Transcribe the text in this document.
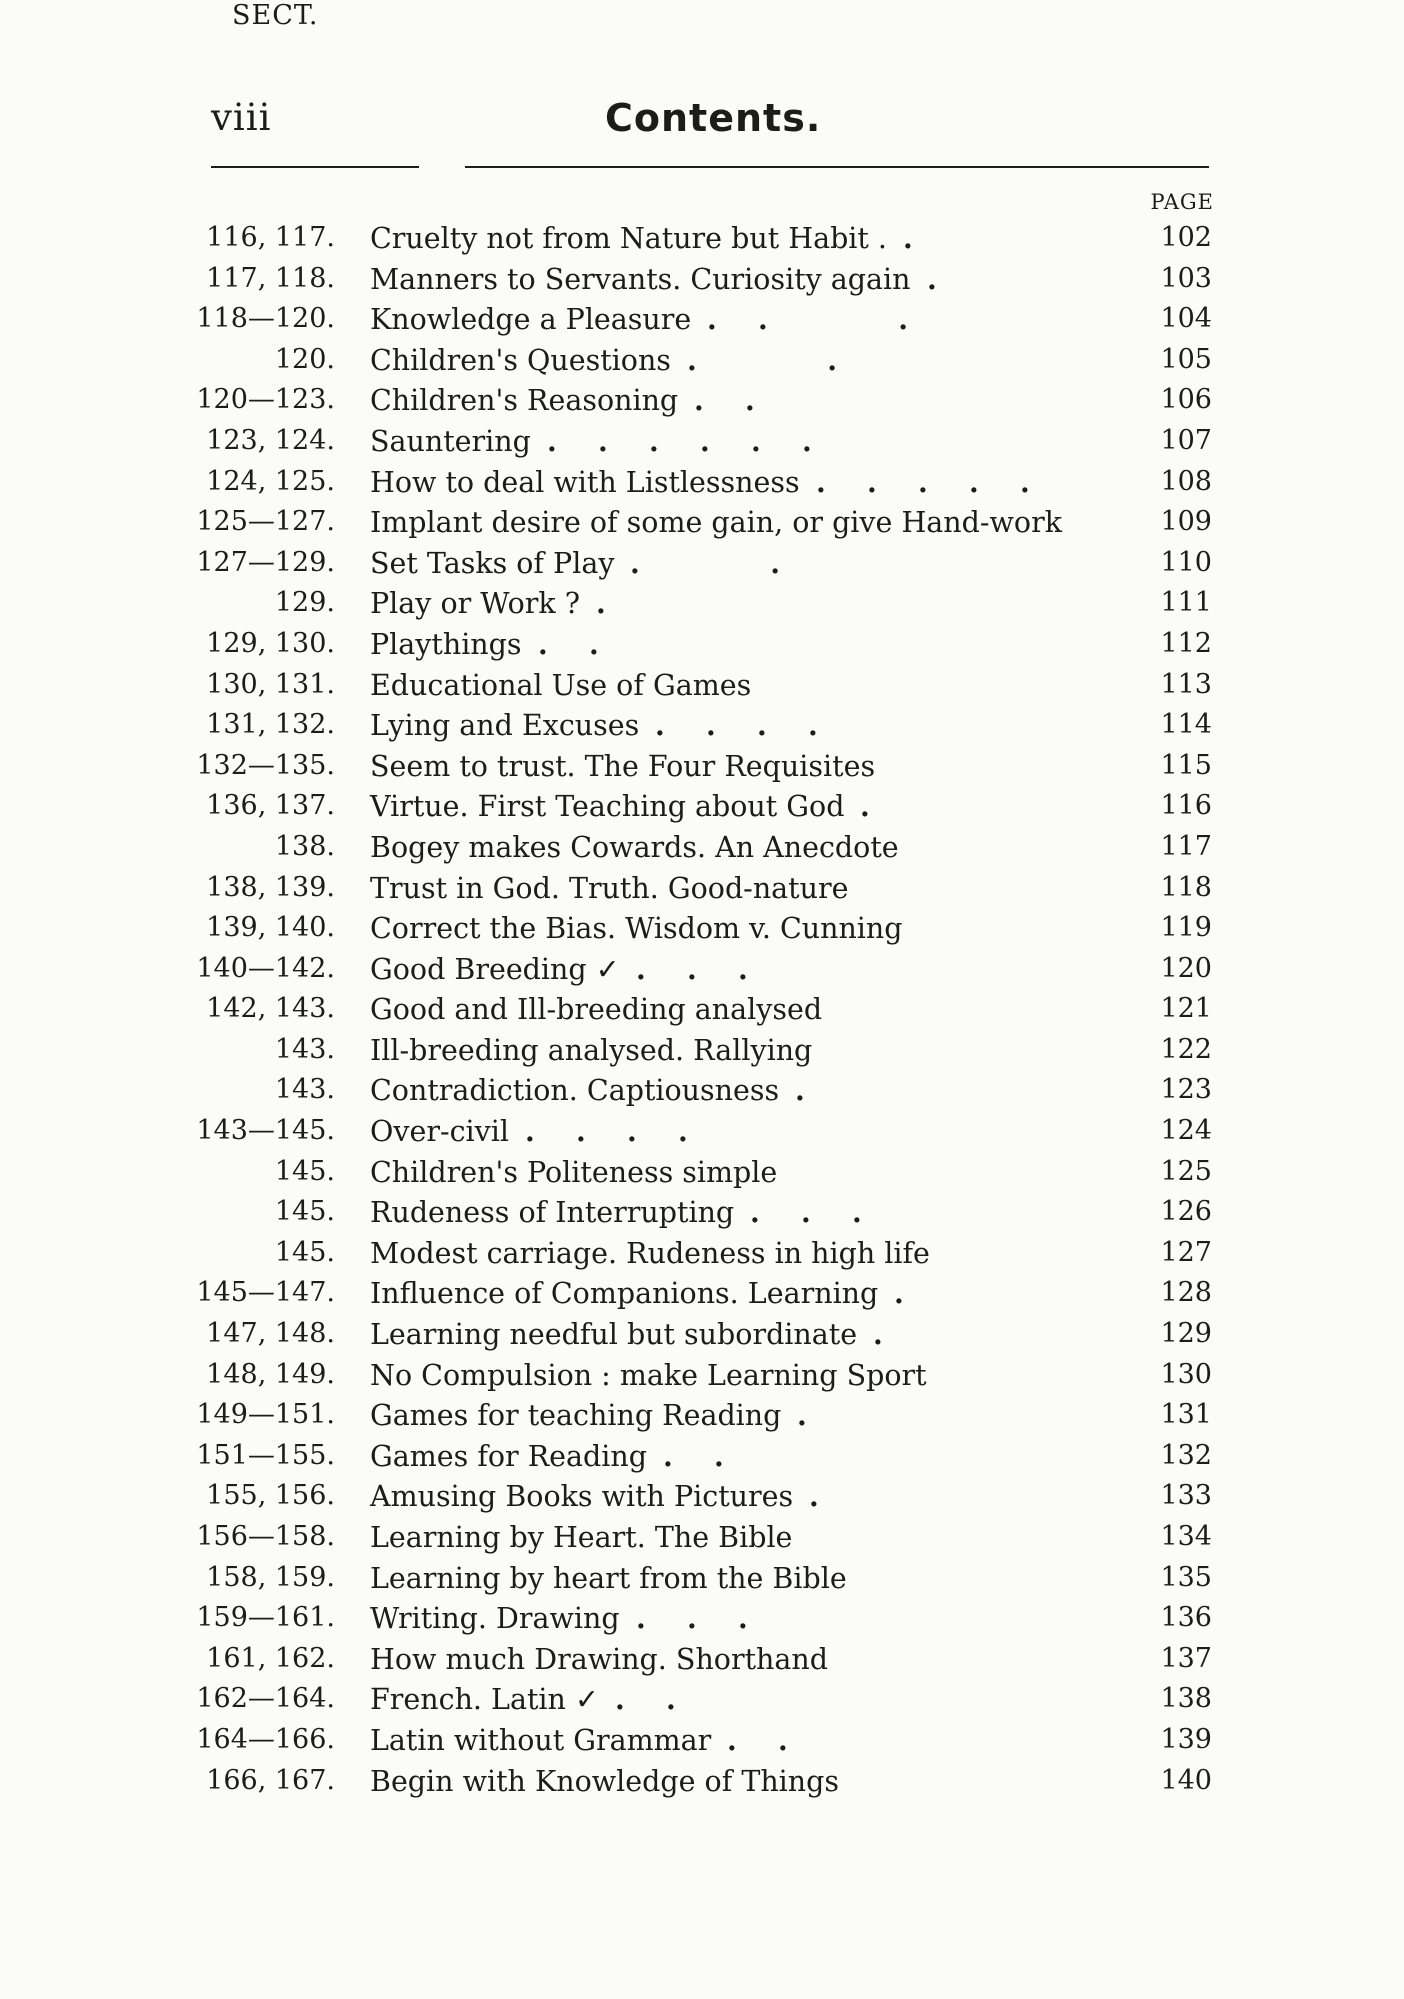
viii	Contents.
SECT.
PAGE
116, 117. Cruelty not from Nature but Habit .	102
.
117, 118. Manners to Servants. Curiosity again	103
.
118—120. Knowledge a Pleasure	104
.   .          .
120. Children's Questions	105
.          .
120—123. Children's Reasoning	106
.   .
123, 124. Sauntering	107
.   .   .   .   .   .
124, 125. How to deal with Listlessness	108
.   .   .   .   .
125—127. Implant desire of some gain, or give Hand-work	109
127—129. Set Tasks of Play	110
.          .
129. Play or Work ?	111
.
129, 130. Playthings	112
.   .
130, 131. Educational Use of Games	113
131, 132. Lying and Excuses	114
.   .   .   .
132—135. Seem to trust. The Four Requisites	115
136, 137. Virtue. First Teaching about God	116
.
138. Bogey makes Cowards. An Anecdote	117
138, 139. Trust in God. Truth. Good-nature	118
139, 140. Correct the Bias. Wisdom v. Cunning	119
140—142. Good Breeding ✓	120
.   .   .
142, 143. Good and Ill-breeding analysed	121
143. Ill-breeding analysed. Rallying	122
143. Contradiction. Captiousness	123
.
143—145. Over-civil	124
.   .   .   .
145. Children's Politeness simple	125
145. Rudeness of Interrupting	126
.   .   .
145. Modest carriage. Rudeness in high life	127
145—147. Influence of Companions. Learning	128
.
147, 148. Learning needful but subordinate	129
.
148, 149. No Compulsion : make Learning Sport	130
149—151. Games for teaching Reading	131
.
151—155. Games for Reading	132
.   .
155, 156. Amusing Books with Pictures	133
.
156—158. Learning by Heart. The Bible	134
158, 159. Learning by heart from the Bible	135
159—161. Writing. Drawing	136
.   .   .
161, 162. How much Drawing. Shorthand	137
162—164. French. Latin ✓	138
.   .
164—166. Latin without Grammar	139
.   .
166, 167. Begin with Knowledge of Things	140
